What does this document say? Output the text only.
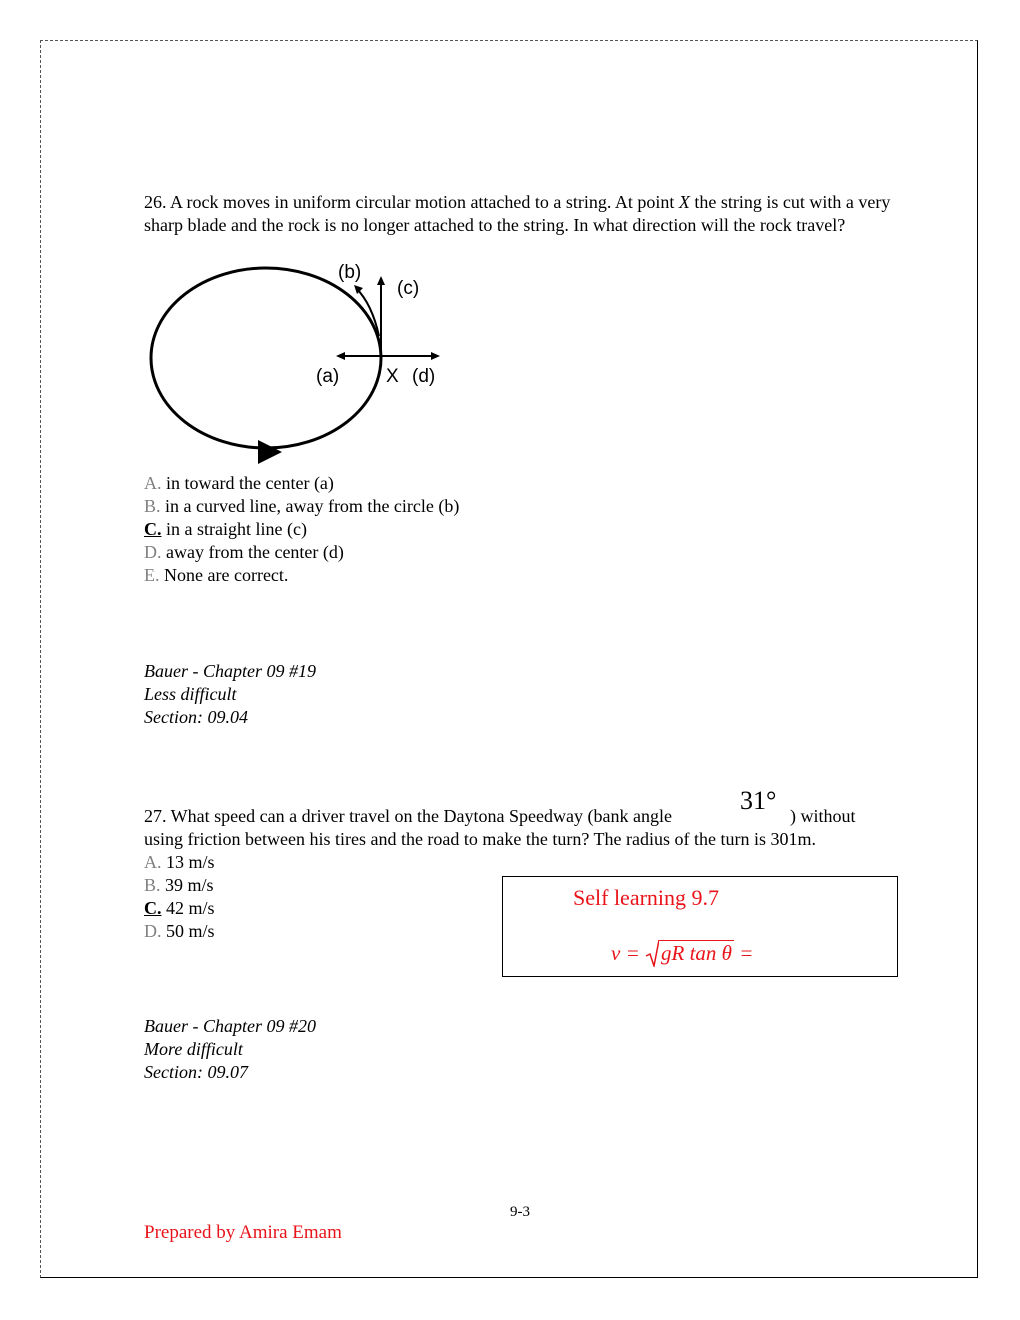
26. A rock moves in uniform circular motion attached to a string. At point X the string is cut with a very sharp blade and the rock is no longer attached to the string. In what direction will the rock travel?
(b)
(c)
(a) X (d)
A. in toward the center (a)
B. in a curved line, away from the circle (b)
C. in a straight line (c)
D. away from the center (d)
E. None are correct.
Bauer - Chapter 09 #19
Less difficult
Section: 09.04
27. What speed can a driver travel on the Daytona Speedway (bank angle
31°
) without
using friction between his tires and the road to make the turn? The radius of the turn is 301m.
A. 13 m/s
B. 39 m/s
C. 42 m/s
D. 50 m/s
Self learning 9.7
v =
gR tan θ =
Bauer - Chapter 09 #20
More difficult
Section: 09.07
9-3
Prepared by Amira Emam
